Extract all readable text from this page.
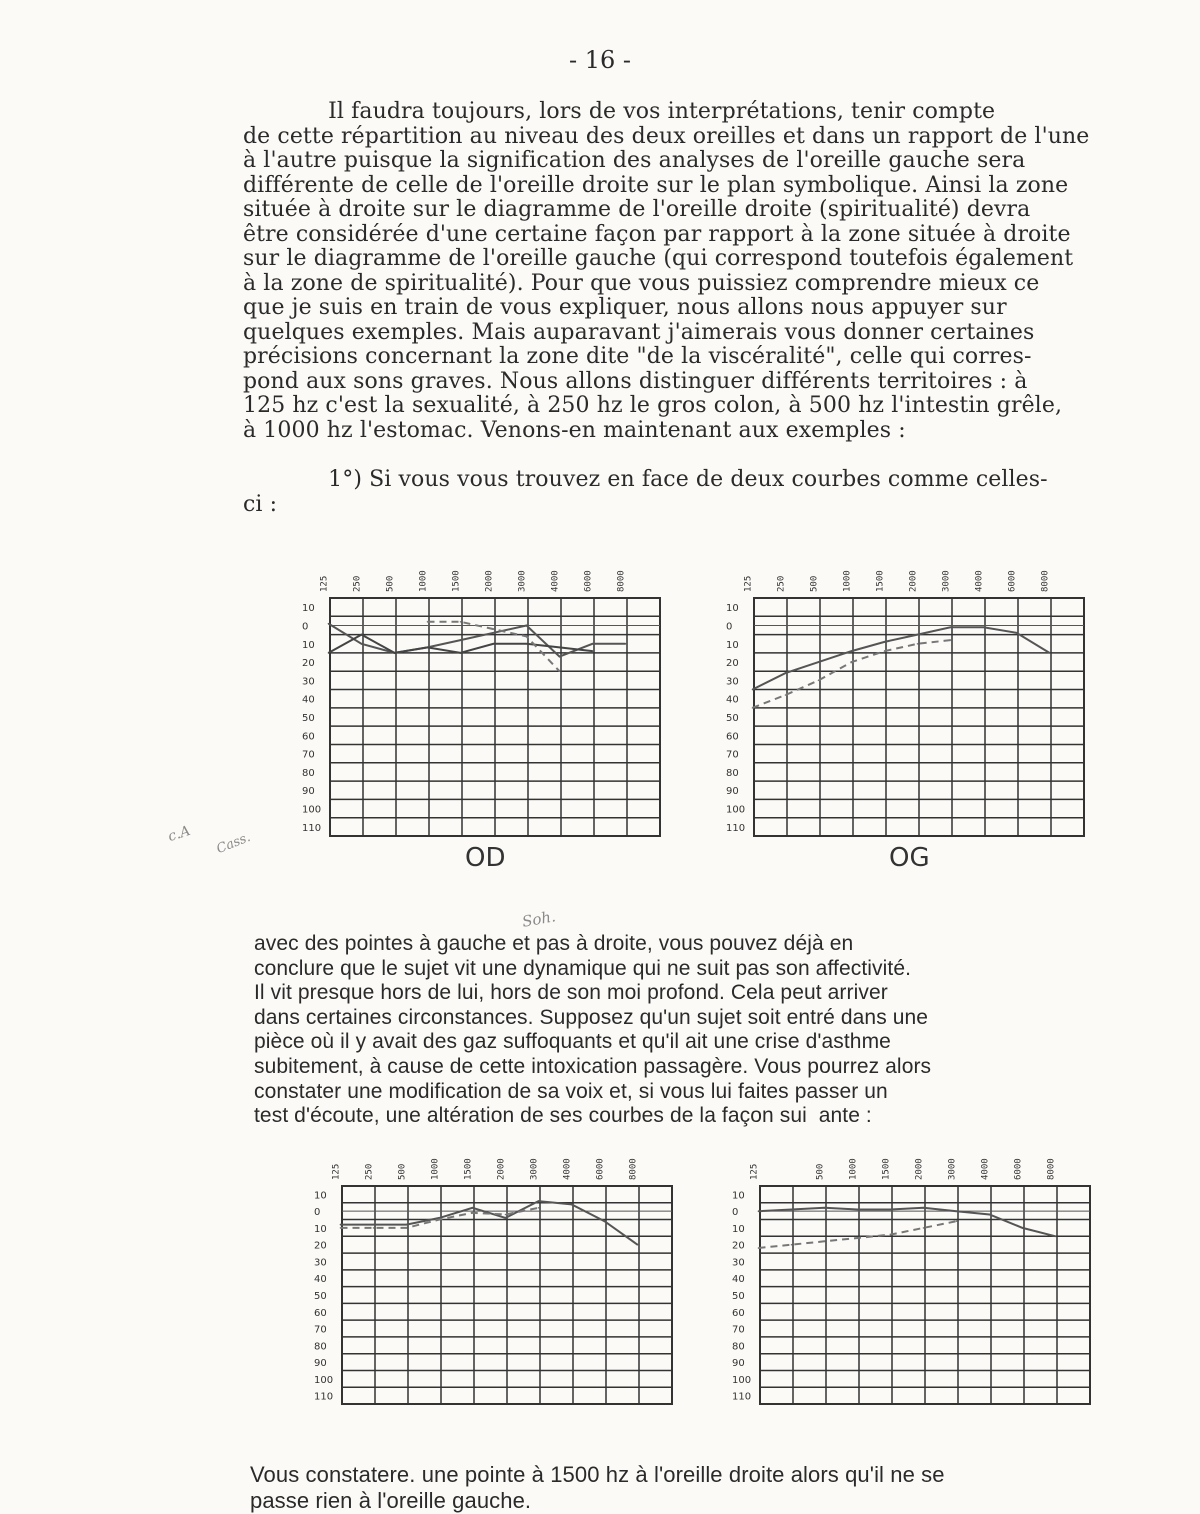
- 16 -
Il faudra toujours, lors de vos interprétations, tenir compte
de cette répartition au niveau des deux oreilles et dans un rapport de l'une
à l'autre puisque la signification des analyses de l'oreille gauche sera
différente de celle de l'oreille droite sur le plan symbolique. Ainsi la zone
située à droite sur le diagramme de l'oreille droite (spiritualité) devra
être considérée d'une certaine façon par rapport à la zone située à droite
sur le diagramme de l'oreille gauche (qui correspond toutefois également
à la zone de spiritualité). Pour que vous puissiez comprendre mieux ce
que je suis en train de vous expliquer, nous allons nous appuyer sur
quelques exemples. Mais auparavant j'aimerais vous donner certaines
précisions concernant la zone dite "de la viscéralité", celle qui corres-
pond aux sons graves. Nous allons distinguer différents territoires : à
125 hz c'est la sexualité, à 250 hz le gros colon, à 500 hz l'intestin grêle,
à 1000 hz l'estomac. Venons-en maintenant aux exemples :
1°) Si vous vous trouvez en face de deux courbes comme celles-
ci :
125	250	500	1000	1500	2000	3000	4000	6000	8000
10
0
10
20
30
40
50
60
70
80
90
100
110
OD
125	250	500	1000	1500	2000	3000	4000	6000	8000
10
0
10
20
30
40
50
60
70
80
90
100
110
OG
c.A Cass.
Soh.
avec des pointes à gauche et pas à droite, vous pouvez déjà en
conclure que le sujet vit une dynamique qui ne suit pas son affectivité.
Il vit presque hors de lui, hors de son moi profond. Cela peut arriver
dans certaines circonstances. Supposez qu'un sujet soit entré dans une
pièce où il y avait des gaz suffoquants et qu'il ait une crise d'asthme
subitement, à cause de cette intoxication passagère. Vous pourrez alors
constater une modification de sa voix et, si vous lui faites passer un
test d'écoute, une altération de ses courbes de la façon sui  ante :
125	250	500	1000	1500	2000	3000	4000	6000	8000
10
0
10
20
30
40
50
60
70
80
90
100
110
125	500	1000	1500	2000	3000	4000	6000	8000
10
0
10
20
30
40
50
60
70
80
90
100
110
Vous constatere. une pointe à 1500 hz à l'oreille droite alors qu'il ne se
passe rien à l'oreille gauche.
